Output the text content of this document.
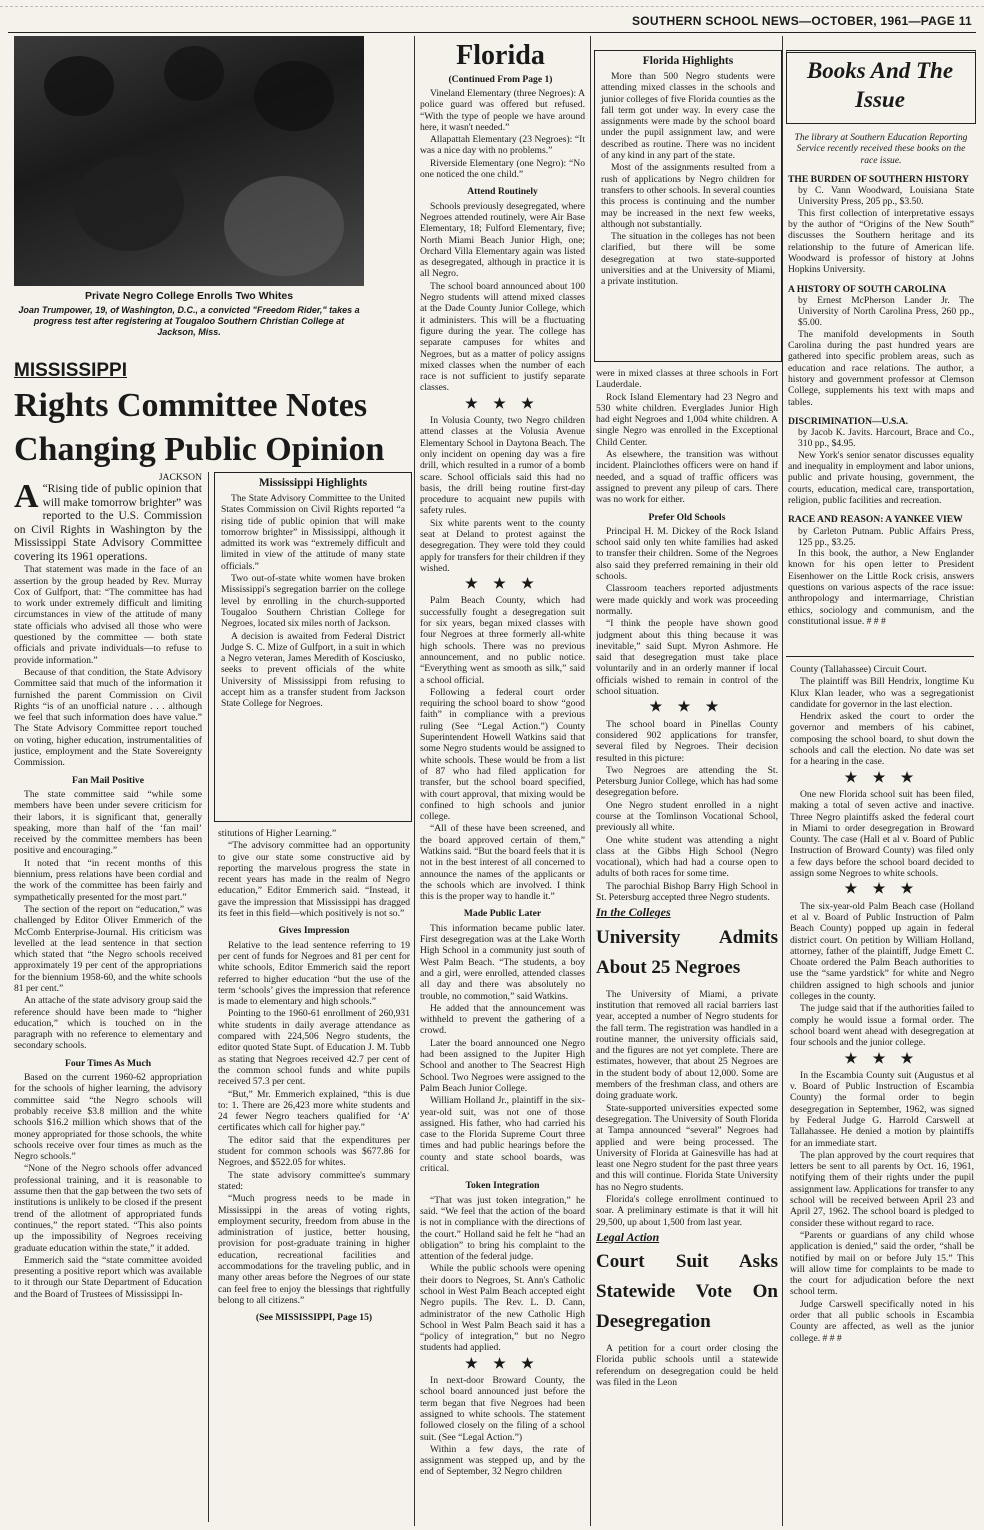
SOUTHERN SCHOOL NEWS—OCTOBER, 1961—PAGE 11
Private Negro College Enrolls Two Whites
Joan Trumpower, 19, of Washington, D.C., a convicted "Freedom Rider," takes a progress test after registering at Tougaloo Southern Christian College at Jackson, Miss.
MISSISSIPPI
Rights Committee Notes Changing Public Opinion
JACKSON
A “Rising tide of public opinion that will make tomorrow brighter” was reported to the U.S. Commission on Civil Rights in Washington by the Mississippi State Advisory Committee covering its 1961 operations.

That statement was made in the face of an assertion by the group headed by Rev. Murray Cox of Gulfport, that: “The committee has had to work under extremely difficult and limiting circumstances in view of the attitude of many state officials who advised all those who were questioned by the committee — both state officials and private individuals—to refuse to provide information.”

Because of that condition, the State Advisory Committee said that much of the information it furnished the parent Commission on Civil Rights “is of an unofficial nature . . . although we feel that such information does have value.” The State Advisory Committee report touched on voting, higher education, instrumentalities of justice, employment and the State Sovereignty Commission.

Fan Mail Positive

The state committee said “while some members have been under severe criticism for their labors, it is significant that, generally speaking, more than half of the ‘fan mail’ received by the committee members has been positive and encouraging.”

It noted that “in recent months of this biennium, press relations have been cordial and the work of the committee has been fairly and sympathetically presented for the most part.”

The section of the report on “education,” was challenged by Editor Oliver Emmerich of the McComb Enterprise-Journal. His criticism was levelled at the lead sentence in that section which stated that “the Negro schools received approximately 19 per cent of the appropriations for the biennium 1958-60, and the white schools 81 per cent.”

An attache of the state advisory group said the reference should have been made to “higher education,” which is touched on in the paragraph with no reference to elementary and secondary schools.

Four Times As Much

Based on the current 1960-62 appropriation for the schools of higher learning, the advisory committee said “the Negro schools will probably receive $3.8 million and the white schools $16.2 million which shows that of the money appropriated for those schools, the white schools receive over four times as much as the Negro schools.”

“None of the Negro schools offer advanced professional training, and it is reasonable to assume then that the gap between the two sets of institutions is unlikely to be closed if the present trend of the allotment of appropriated funds continues,” the report stated. “This also points up the impossibility of Negroes receiving graduate education within the state,” it added.

Emmerich said the “state committee avoided presenting a positive report which was available to it through our State Department of Education and the Board of Trustees of Mississippi In-

Mississippi Highlights

The State Advisory Committee to the United States Commission on Civil Rights reported “a rising tide of public opinion that will make tomorrow brighter” in Mississippi, although it admitted its work was “extremely difficult and limited in view of the attitude of many state officials.”

Two out-of-state white women have broken Mississippi's segregation barrier on the college level by enrolling in the church-supported Tougaloo Southern Christian College for Negroes, located six miles north of Jackson.

A decision is awaited from Federal District Judge S. C. Mize of Gulfport, in a suit in which a Negro veteran, James Meredith of Kosciusko, seeks to prevent officials of the white University of Mississippi from refusing to accept him as a transfer student from Jackson State College for Negroes.

stitutions of Higher Learning.”

“The advisory committee had an opportunity to give our state some constructive aid by reporting the marvelous progress the state in recent years has made in the realm of Negro education,” Editor Emmerich said. “Instead, it gave the impression that Mississippi has dragged its feet in this field—which positively is not so.”

Gives Impression

Relative to the lead sentence referring to 19 per cent of funds for Negroes and 81 per cent for white schools, Editor Emmerich said the report referred to higher education “but the use of the term ‘schools’ gives the impression that reference is made to elementary and high schools.”

Pointing to the 1960-61 enrollment of 260,931 white students in daily average attendance as compared with 224,506 Negro students, the editor quoted State Supt. of Education J. M. Tubb as stating that Negroes received 42.7 per cent of the common school funds and white pupils received 57.3 per cent.

“But,” Mr. Emmerich explained, “this is due to: 1. There are 26,423 more white students and 24 fewer Negro teachers qualified for ‘A’ certificates which call for higher pay.”

The editor said that the expenditures per student for common schools was $677.86 for Negroes, and $522.05 for whites.

The state advisory committee's summary stated:

“Much progress needs to be made in Mississippi in the areas of voting rights, employment security, freedom from abuse in the administration of justice, better housing, provision for post-graduate training in higher education, recreational facilities and accommodations for the traveling public, and in many other areas before the Negroes of our state can feel free to enjoy the blessings that rightfully belong to all citizens.”

(See MISSISSIPPI, Page 15)
Florida
(Continued From Page 1)

Vineland Elementary (three Negroes): A police guard was offered but refused. “With the type of people we have around here, it wasn't needed.”

Allapattah Elementary (23 Negroes): “It was a nice day with no problems.”

Riverside Elementary (one Negro): “No one noticed the one child.”

Attend Routinely

Schools previously desegregated, where Negroes attended routinely, were Air Base Elementary, 18; Fulford Elementary, five; North Miami Beach Junior High, one; Orchard Villa Elementary again was listed as desegregated, although in practice it is all Negro.

The school board announced about 100 Negro students will attend mixed classes at the Dade County Junior College, which it administers. This will be a fluctuating figure during the year. The college has separate campuses for whites and Negroes, but as a matter of policy assigns mixed classes when the number of each race is not sufficient to justify separate classes.

★ ★ ★

In Volusia County, two Negro children attend classes at the Volusia Avenue Elementary School in Daytona Beach. The only incident on opening day was a fire drill, which resulted in a rumor of a bomb scare. School officials said this had no basis, the drill being routine first-day procedure to acquaint new pupils with safety rules.

Six white parents went to the county seat at Deland to protest against the desegregation. They were told they could apply for transfers for their children if they wished.

★ ★ ★

Palm Beach County, which had successfully fought a desegregation suit for six years, began mixed classes with four Negroes at three formerly all-white high schools. There was no previous announcement, and no public notice. “Everything went as smooth as silk,” said a school official.

Following a federal court order requiring the school board to show “good faith” in compliance with a previous ruling (See “Legal Action.”) County Superintendent Howell Watkins said that some Negro students would be assigned to white schools. These would be from a list of 87 who had filed application for transfer, but the school board specified, with court approval, that mixing would be confined to high schools and junior college.

“All of these have been screened, and the board approved certain of them,” Watkins said. “But the board feels that it is not in the best interest of all concerned to announce the names of the applicants or the schools which are involved. I think this is the proper way to handle it.”

Made Public Later

This information became public later. First desegregation was at the Lake Worth High School in a community just south of West Palm Beach. “The students, a boy and a girl, were enrolled, attended classes all day and there was absolutely no trouble, no commotion,” said Watkins.

He added that the announcement was withheld to prevent the gathering of a crowd.

Later the board announced one Negro had been assigned to the Jupiter High School and another to The Seacrest High School. Two Negroes were assigned to the Palm Beach Junior College.

William Holland Jr., plaintiff in the six-year-old suit, was not one of those assigned. His father, who had carried his case to the Florida Supreme Court three times and had public hearings before the county and state school boards, was critical.

Token Integration

“That was just token integration,” he said. “We feel that the action of the board is not in compliance with the directions of the court.” Holland said he felt he “had an obligation” to bring his complaint to the attention of the federal judge.

While the public schools were opening their doors to Negroes, St. Ann's Catholic school in West Palm Beach accepted eight Negro pupils. The Rev. L. D. Cann, administrator of the new Catholic High School in West Palm Beach said it has a “policy of integration,” but no Negro students had applied.

★ ★ ★

In next-door Broward County, the school board announced just before the term began that five Negroes had been assigned to white schools. The statement followed closely on the filing of a school suit. (See “Legal Action.”)

Within a few days, the rate of assignment was stepped up, and by the end of September, 32 Negro children

Florida Highlights

More than 500 Negro students were attending mixed classes in the schools and junior colleges of five Florida counties as the fall term got under way. In every case the assignments were made by the school board under the pupil assignment law, and were described as routine. There was no incident of any kind in any part of the state.

Most of the assignments resulted from a rush of applications by Negro children for transfers to other schools. In several counties this process is continuing and the number may be increased in the next few weeks, although not substantially.

The situation in the colleges has not been clarified, but there will be some desegregation at two state-supported universities and at the University of Miami, a private institution.

were in mixed classes at three schools in Fort Lauderdale.

Rock Island Elementary had 23 Negro and 530 white children. Everglades Junior High had eight Negroes and 1,004 white children. A single Negro was enrolled in the Exceptional Child Center.

As elsewhere, the transition was without incident. Plainclothes officers were on hand if needed, and a squad of traffic officers was assigned to prevent any pileup of cars. There was no work for either.

Prefer Old Schools

Principal H. M. Dickey of the Rock Island school said only ten white families had asked to transfer their children. Some of the Negroes also said they preferred remaining in their old schools.

Classroom teachers reported adjustments were made quickly and work was proceeding normally.

“I think the people have shown good judgment about this thing because it was inevitable,” said Supt. Myron Ashmore. He said that desegregation must take place voluntarily and in an orderly manner if local officials wished to remain in control of the school situation.

★ ★ ★

The school board in Pinellas County considered 902 applications for transfer, several filed by Negroes. Their decision resulted in this picture:

Two Negroes are attending the St. Petersburg Junior College, which has had some desegregation before.

One Negro student enrolled in a night course at the Tomlinson Vocational School, previously all white.

One white student was attending a night class at the Gibbs High School (Negro vocational), which had had a course open to adults of both races for some time.

The parochial Bishop Barry High School in St. Petersburg accepted three Negro students.

In the Colleges
University Admits About 25 Negroes

The University of Miami, a private institution that removed all racial barriers last year, accepted a number of Negro students for the fall term. The registration was handled in a routine manner, the university officials said, and the figures are not yet complete. There are estimates, however, that about 25 Negroes are in the student body of about 12,000. Some are members of the freshman class, and others are doing graduate work.

State-supported universities expected some desegregation. The University of South Florida at Tampa announced “several” Negroes had applied and were being processed. The University of Florida at Gainesville has had at least one Negro student for the past three years and this will continue. Florida State University has no Negro students.

Florida's college enrollment continued to soar. A preliminary estimate is that it will hit 29,500, up about 1,500 from last year.

Legal Action
Court Suit Asks Statewide Vote On Desegregation

A petition for a court order closing the Florida public schools until a statewide referendum on desegregation could be held was filed in the Leon

Books And The Issue
The library at Southern Education Reporting Service recently received these books on the race issue.
THE BURDEN OF SOUTHERN HISTORY
by C. Vann Woodward, Louisiana State University Press, 205 pp., $3.50.

This first collection of interpretative essays by the author of “Origins of the New South” discusses the Southern heritage and its relationship to the future of American life. Woodward is professor of history at Johns Hopkins University.

A HISTORY OF SOUTH CAROLINA
by Ernest McPherson Lander Jr. The University of North Carolina Press, 260 pp., $5.00.

The manifold developments in South Carolina during the past hundred years are gathered into specific problem areas, such as education and race relations. The author, a history and government professor at Clemson College, supplements his text with maps and tables.

DISCRIMINATION—U.S.A.
by Jacob K. Javits. Harcourt, Brace and Co., 310 pp., $4.95.

New York's senior senator discusses equality and inequality in employment and labor unions, public and private housing, government, the courts, education, medical care, transportation, religion, public facilities and recreation.

RACE AND REASON: A YANKEE VIEW
by Carleton Putnam. Public Affairs Press, 125 pp., $3.25.

In this book, the author, a New Englander known for his open letter to President Eisenhower on the Little Rock crisis, answers questions on various aspects of the race issue: anthropology and intermarriage, Christian ethics, sociology and communism, and the constitutional issue. # # #

County (Tallahassee) Circuit Court.

The plaintiff was Bill Hendrix, longtime Ku Klux Klan leader, who was a segregationist candidate for governor in the last election.

Hendrix asked the court to order the governor and members of his cabinet, composing the school board, to shut down the schools and call the election. No date was set for a hearing in the case.

★ ★ ★

One new Florida school suit has been filed, making a total of seven active and inactive. Three Negro plaintiffs asked the federal court in Miami to order desegregation in Broward County. The case (Hall et al v. Board of Public Instruction of Broward County) was filed only a few days before the school board decided to assign some Negroes to white schools.

★ ★ ★

The six-year-old Palm Beach case (Holland et al v. Board of Public Instruction of Palm Beach County) popped up again in federal district court. On petition by William Holland, attorney, father of the plaintiff, Judge Emett C. Choate ordered the Palm Beach authorities to use the “same yardstick” for white and Negro children assigned to high schools and junior colleges in the county.

The judge said that if the authorities failed to comply he would issue a formal order. The school board went ahead with desegregation at four schools and the junior college.

★ ★ ★

In the Escambia County suit (Augustus et al v. Board of Public Instruction of Escambia County) the formal order to begin desegregation in September, 1962, was signed by Federal Judge G. Harrold Carswell at Tallahassee. He denied a motion by plaintiffs for an immediate start.

The plan approved by the court requires that letters be sent to all parents by Oct. 16, 1961, notifying them of their rights under the pupil assignment law. Applications for transfer to any school will be received between April 23 and April 27, 1962. The school board is pledged to consider these without regard to race.

“Parents or guardians of any child whose application is denied,” said the order, “shall be notified by mail on or before July 15.” This will allow time for complaints to be made to the court for adjudication before the next school term.

Judge Carswell specifically noted in his order that all public schools in Escambia County are affected, as well as the junior college. # # #
